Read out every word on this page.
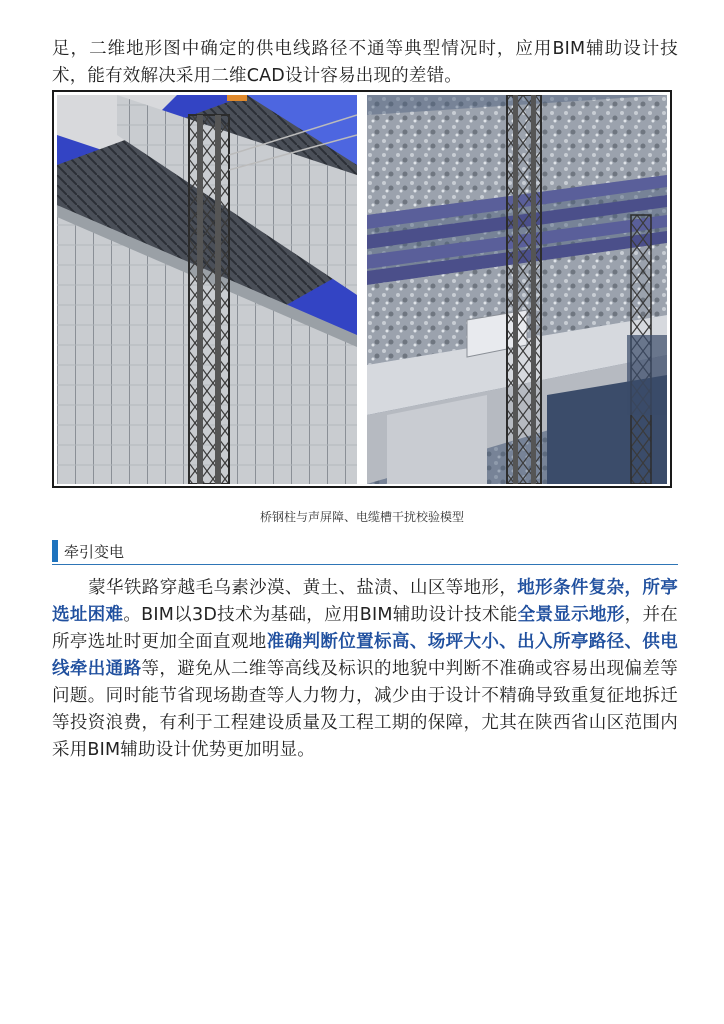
足，二维地形图中确定的供电线路径不通等典型情况时，应用BIM辅助设计技术，能有效解决采用二维CAD设计容易出现的差错。

桥钢柱与声屏障、电缆槽干扰校验模型
牵引变电

蒙华铁路穿越毛乌素沙漠、黄土、盐渍、山区等地形，地形条件复杂，所亭选址困难。BIM以3D技术为基础，应用BIM辅助设计技术能全景显示地形，并在所亭选址时更加全面直观地准确判断位置标高、场坪大小、出入所亭路径、供电线牵出通路等，避免从二维等高线及标识的地貌中判断不准确或容易出现偏差等问题。同时能节省现场勘查等人力物力，减少由于设计不精确导致重复征地拆迁等投资浪费，有利于工程建设质量及工程工期的保障，尤其在陕西省山区范围内采用BIM辅助设计优势更加明显。
